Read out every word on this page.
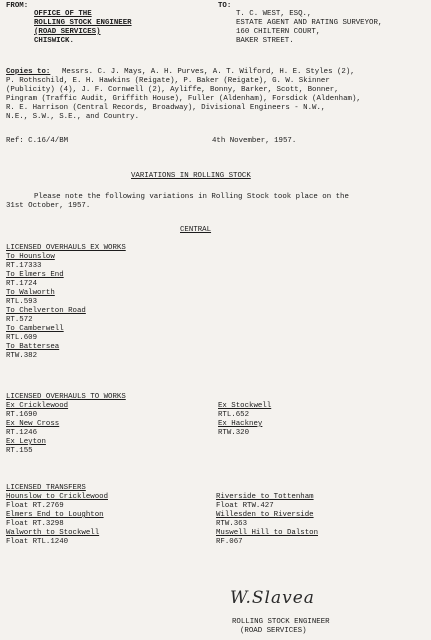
FROM:
OFFICE OF THE
ROLLING STOCK ENGINEER
(ROAD SERVICES)
CHISWICK.
TO:
T. C. WEST, ESQ.,
ESTATE AGENT AND RATING SURVEYOR,
160 CHILTERN COURT,
BAKER STREET.
Copies to: Messrs. C. J. Mays, A. H. Purves, A. T. Wilford, H. E. Styles (2),
P. Rothschild, E. H. Hawkins (Reigate), P. Baker (Reigate), G. W. Skinner
(Publicity) (4), J. F. Cornwell (2), Ayliffe, Bonny, Barker, Scott, Bonner,
Pingram (Traffic Audit, Griffith House), Fuller (Aldenham), Forsdick (Aldenham),
R. E. Harrison (Central Records, Broadway), Divisional Engineers - N.W.,
N.E., S.W., S.E., and Country.
Ref: C.16/4/BM	4th November, 1957.
VARIATIONS IN ROLLING STOCK
Please note the following variations in Rolling Stock took place on the
31st October, 1957.
CENTRAL
LICENSED OVERHAULS EX WORKS
To Hounslow
RT.17333
To Elmers End
RT.1724
To Walworth
RTL.593
To Chelverton Road
RT.572
To Camberwell
RTL.609
To Battersea
RTW.382
LICENSED OVERHAULS TO WORKS
Ex Cricklewood
RT.1690
Ex New Cross
RT.1246
Ex Leyton
RT.155
Ex Stockwell
RTL.652
Ex Hackney
RTW.320
LICENSED TRANSFERS
Hounslow to Cricklewood
Float RT.2769
Elmers End to Loughton
Float RT.3298
Walworth to Stockwell
Float RTL.1240
Riverside to Tottenham
Float RTW.427
Willesden to Riverside
RTW.363
Muswell Hill to Dalston
RF.067
W.Slavea
ROLLING STOCK ENGINEER
(ROAD SERVICES)
